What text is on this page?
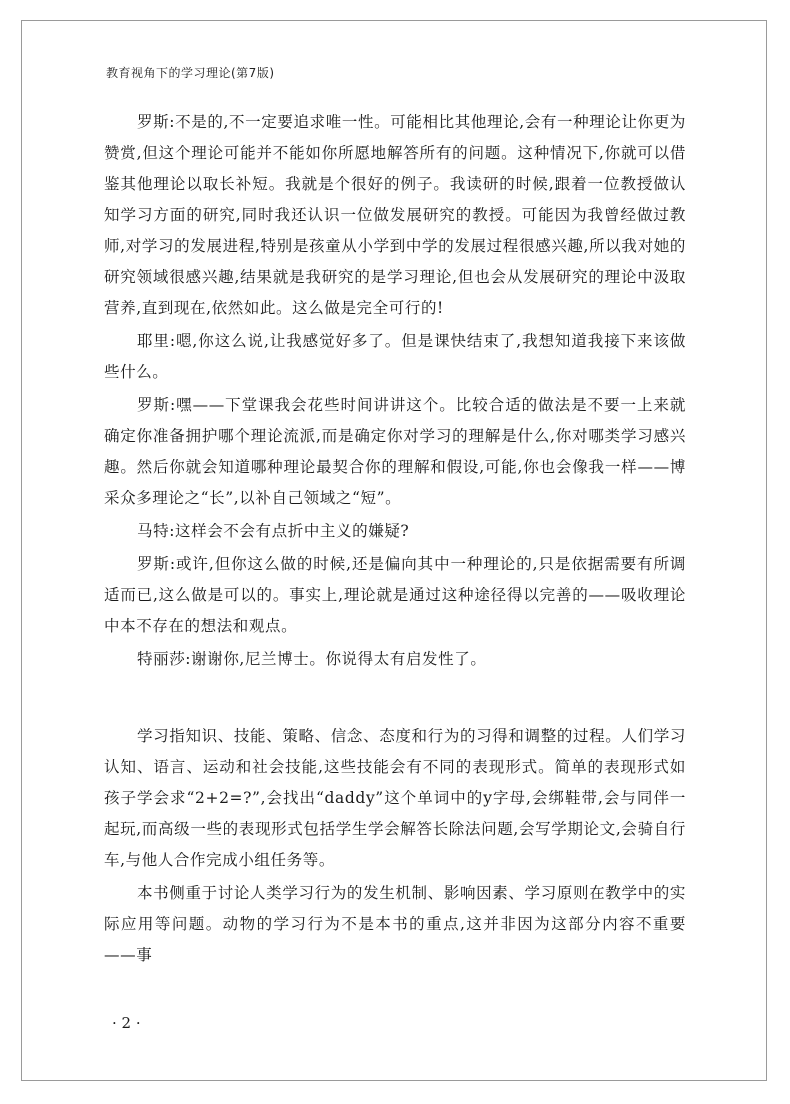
教育视角下的学习理论(第7版)

罗斯:不是的,不一定要追求唯一性。可能相比其他理论,会有一种理论让你更为赞赏,但这个理论可能并不能如你所愿地解答所有的问题。这种情况下,你就可以借鉴其他理论以取长补短。我就是个很好的例子。我读研的时候,跟着一位教授做认知学习方面的研究,同时我还认识一位做发展研究的教授。可能因为我曾经做过教师,对学习的发展进程,特别是孩童从小学到中学的发展过程很感兴趣,所以我对她的研究领域很感兴趣,结果就是我研究的是学习理论,但也会从发展研究的理论中汲取营养,直到现在,依然如此。这么做是完全可行的!

耶里:嗯,你这么说,让我感觉好多了。但是课快结束了,我想知道我接下来该做些什么。

罗斯:嘿——下堂课我会花些时间讲讲这个。比较合适的做法是不要一上来就确定你准备拥护哪个理论流派,而是确定你对学习的理解是什么,你对哪类学习感兴趣。然后你就会知道哪种理论最契合你的理解和假设,可能,你也会像我一样——博采众多理论之“长”,以补自己领域之“短”。

马特:这样会不会有点折中主义的嫌疑?

罗斯:或许,但你这么做的时候,还是偏向其中一种理论的,只是依据需要有所调适而已,这么做是可以的。事实上,理论就是通过这种途径得以完善的——吸收理论中本不存在的想法和观点。

特丽莎:谢谢你,尼兰博士。你说得太有启发性了。

学习指知识、技能、策略、信念、态度和行为的习得和调整的过程。人们学习认知、语言、运动和社会技能,这些技能会有不同的表现形式。简单的表现形式如孩子学会求“2+2=?”,会找出“daddy”这个单词中的y字母,会绑鞋带,会与同伴一起玩,而高级一些的表现形式包括学生学会解答长除法问题,会写学期论文,会骑自行车,与他人合作完成小组任务等。

本书侧重于讨论人类学习行为的发生机制、影响因素、学习原则在教学中的实际应用等问题。动物的学习行为不是本书的重点,这并非因为这部分内容不重要——事

· 2 ·
